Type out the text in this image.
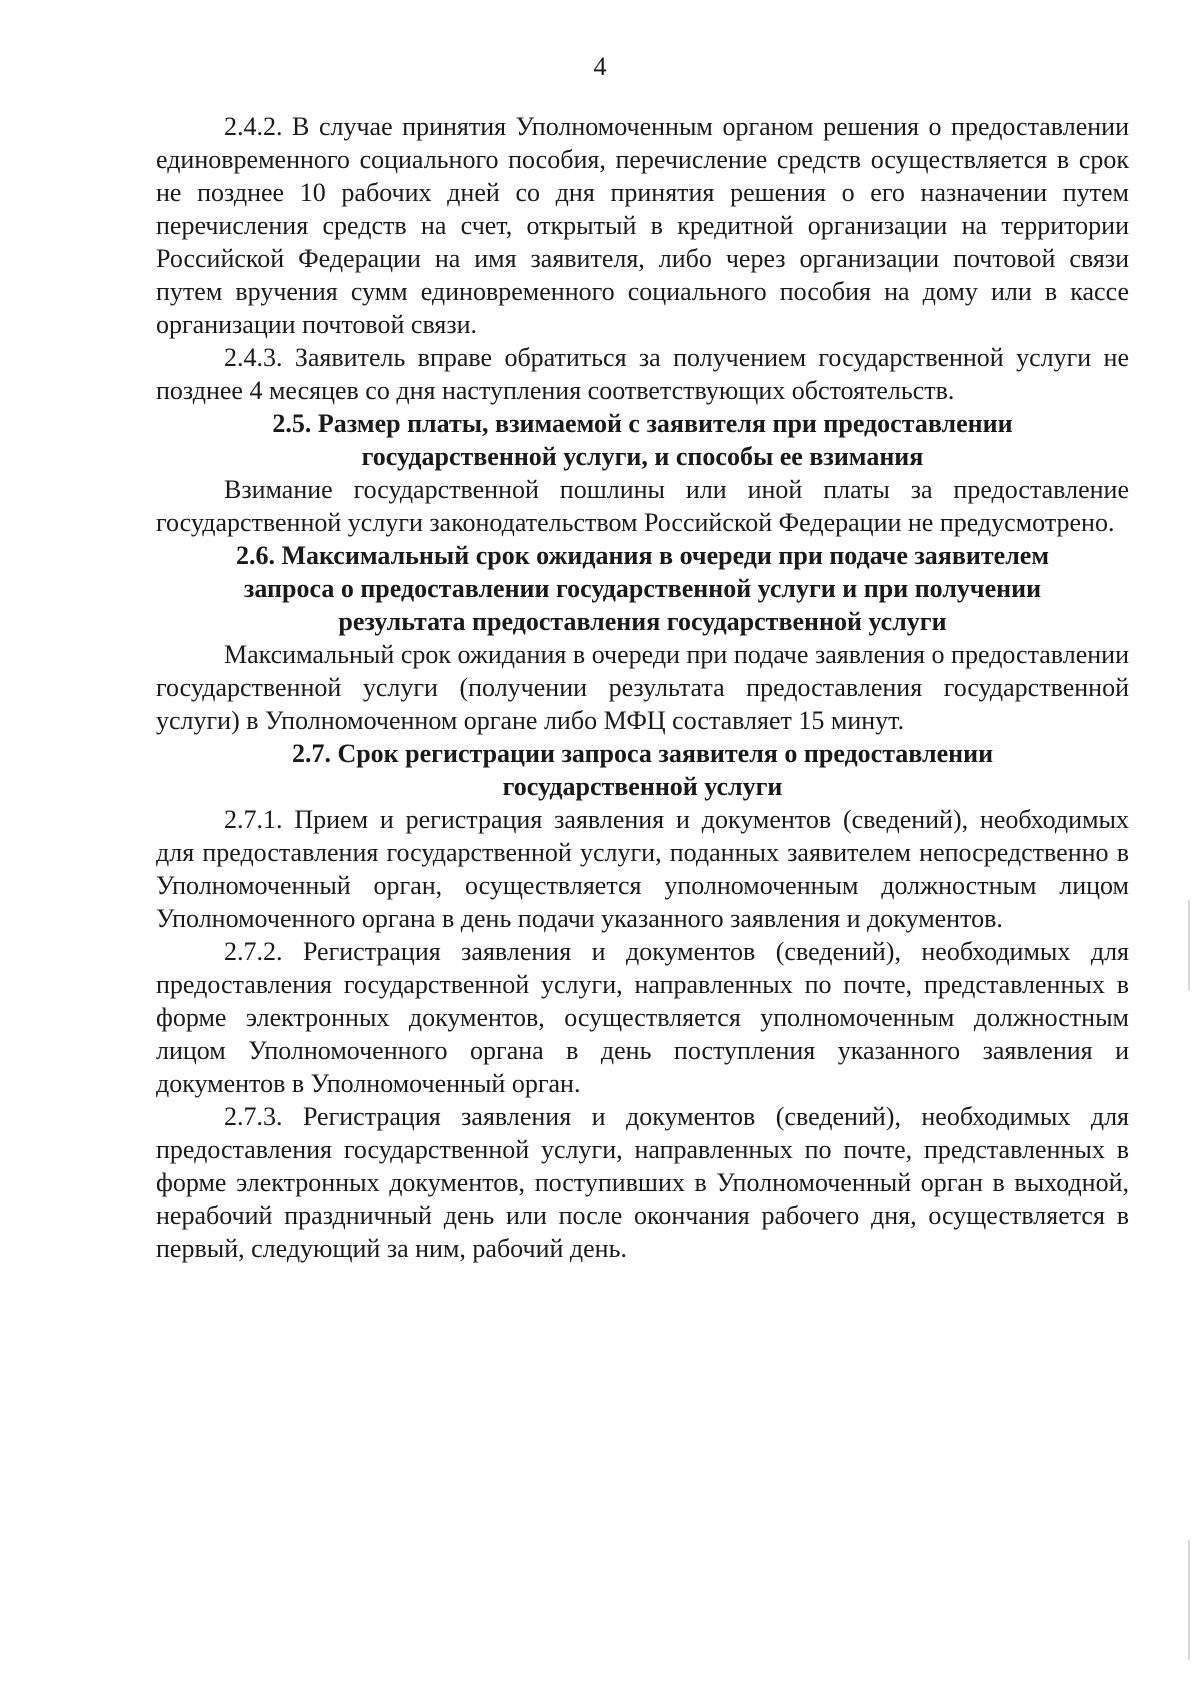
4

2.4.2. В случае принятия Уполномоченным органом решения о предоставлении единовременного социального пособия, перечисление средств осуществляется в срок не позднее 10 рабочих дней со дня принятия решения о его назначении путем перечисления средств на счет, открытый в кредитной организации на территории Российской Федерации на имя заявителя, либо через организации почтовой связи путем вручения сумм единовременного социального пособия на дому или в кассе организации почтовой связи.

2.4.3. Заявитель вправе обратиться за получением государственной услуги не позднее 4 месяцев со дня наступления соответствующих обстоятельств.

2.5. Размер платы, взимаемой с заявителя при предоставлении государственной услуги, и способы ее взимания

Взимание государственной пошлины или иной платы за предоставление государственной услуги законодательством Российской Федерации не предусмотрено.

2.6. Максимальный срок ожидания в очереди при подаче заявителем запроса о предоставлении государственной услуги и при получении результата предоставления государственной услуги

Максимальный срок ожидания в очереди при подаче заявления о предоставлении государственной услуги (получении результата предоставления государственной услуги) в Уполномоченном органе либо МФЦ составляет 15 минут.

2.7. Срок регистрации запроса заявителя о предоставлении государственной услуги

2.7.1. Прием и регистрация заявления и документов (сведений), необходимых для предоставления государственной услуги, поданных заявителем непосредственно в Уполномоченный орган, осуществляется уполномоченным должностным лицом Уполномоченного органа в день подачи указанного заявления и документов.

2.7.2. Регистрация заявления и документов (сведений), необходимых для предоставления государственной услуги, направленных по почте, представленных в форме электронных документов, осуществляется уполномоченным должностным лицом Уполномоченного органа в день поступления указанного заявления и документов в Уполномоченный орган.

2.7.3. Регистрация заявления и документов (сведений), необходимых для предоставления государственной услуги, направленных по почте, представленных в форме электронных документов, поступивших в Уполномоченный орган в выходной, нерабочий праздничный день или после окончания рабочего дня, осуществляется в первый, следующий за ним, рабочий день.
